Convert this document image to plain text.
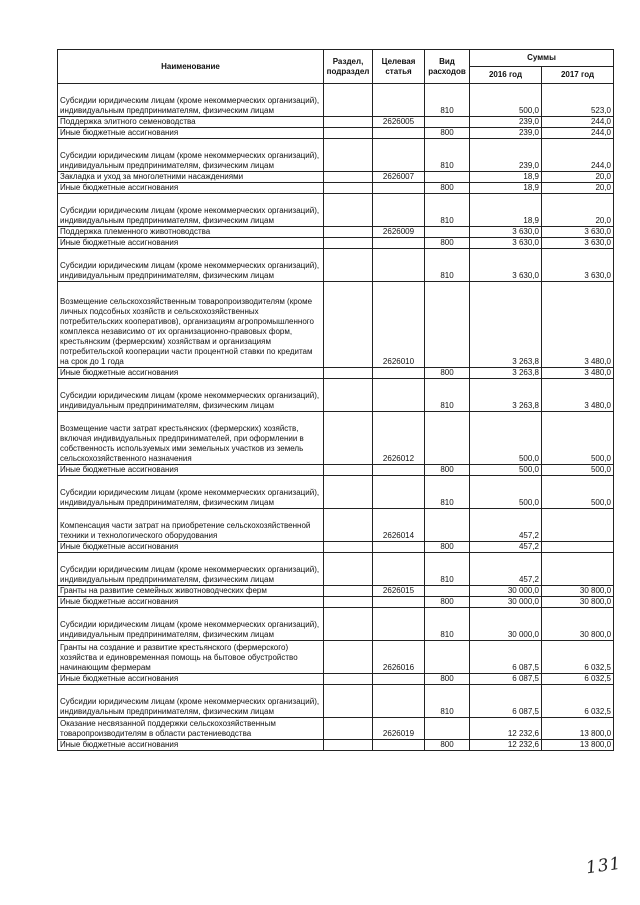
Наименование	Раздел, подраздел	Целевая статья	Вид расходов	Суммы	
				2016 год	2017 год
Субсидии юридическим лицам (кроме некоммерческих организаций), индивидуальным предпринимателям, физическим лицам			810	500,0	523,0
Поддержка элитного семеноводства		2626005		239,0	244,0
Иные бюджетные ассигнования			800	239,0	244,0
Субсидии юридическим лицам (кроме некоммерческих организаций), индивидуальным предпринимателям, физическим лицам			810	239,0	244,0
Закладка и уход за многолетними насаждениями		2626007		18,9	20,0
Иные бюджетные ассигнования			800	18,9	20,0
Субсидии юридическим лицам (кроме некоммерческих организаций), индивидуальным предпринимателям, физическим лицам			810	18,9	20,0
Поддержка племенного животноводства		2626009		3 630,0	3 630,0
Иные бюджетные ассигнования			800	3 630,0	3 630,0
Субсидии юридическим лицам (кроме некоммерческих организаций), индивидуальным предпринимателям, физическим лицам			810	3 630,0	3 630,0
Возмещение сельскохозяйственным товаропроизводителям (кроме личных подсобных хозяйств и сельскохозяйственных потребительских кооперативов), организациям агропромышленного комплекса независимо от их организационно-правовых форм, крестьянским (фермерским) хозяйствам и организациям потребительской кооперации части процентной ставки по кредитам на срок до 1 года		2626010		3 263,8	3 480,0
Иные бюджетные ассигнования			800	3 263,8	3 480,0
Субсидии юридическим лицам (кроме некоммерческих организаций), индивидуальным предпринимателям, физическим лицам			810	3 263,8	3 480,0
Возмещение части затрат крестьянских (фермерских) хозяйств, включая индивидуальных предпринимателей, при оформлении в собственность используемых ими земельных участков из земель сельскохозяйственного назначения		2626012		500,0	500,0
Иные бюджетные ассигнования			800	500,0	500,0
Субсидии юридическим лицам (кроме некоммерческих организаций), индивидуальным предпринимателям, физическим лицам			810	500,0	500,0
Компенсация части затрат на приобретение сельскохозяйственной техники и технологического оборудования		2626014		457,2	
Иные бюджетные ассигнования			800	457,2	
Субсидии юридическим лицам (кроме некоммерческих организаций), индивидуальным предпринимателям, физическим лицам			810	457,2	
Гранты на развитие семейных животноводческих ферм		2626015		30 000,0	30 800,0
Иные бюджетные ассигнования			800	30 000,0	30 800,0
Субсидии юридическим лицам (кроме некоммерческих организаций), индивидуальным предпринимателям, физическим лицам			810	30 000,0	30 800,0
Гранты на создание и развитие крестьянского (фермерского) хозяйства и единовременная помощь на бытовое обустройство начинающим фермерам		2626016		6 087,5	6 032,5
Иные бюджетные ассигнования			800	6 087,5	6 032,5
Субсидии юридическим лицам (кроме некоммерческих организаций), индивидуальным предпринимателям, физическим лицам			810	6 087,5	6 032,5
Оказание несвязанной поддержки сельскохозяйственным товаропроизводителям в области растениеводства		2626019		12 232,6	13 800,0
Иные бюджетные ассигнования			800	12 232,6	13 800,0
131
